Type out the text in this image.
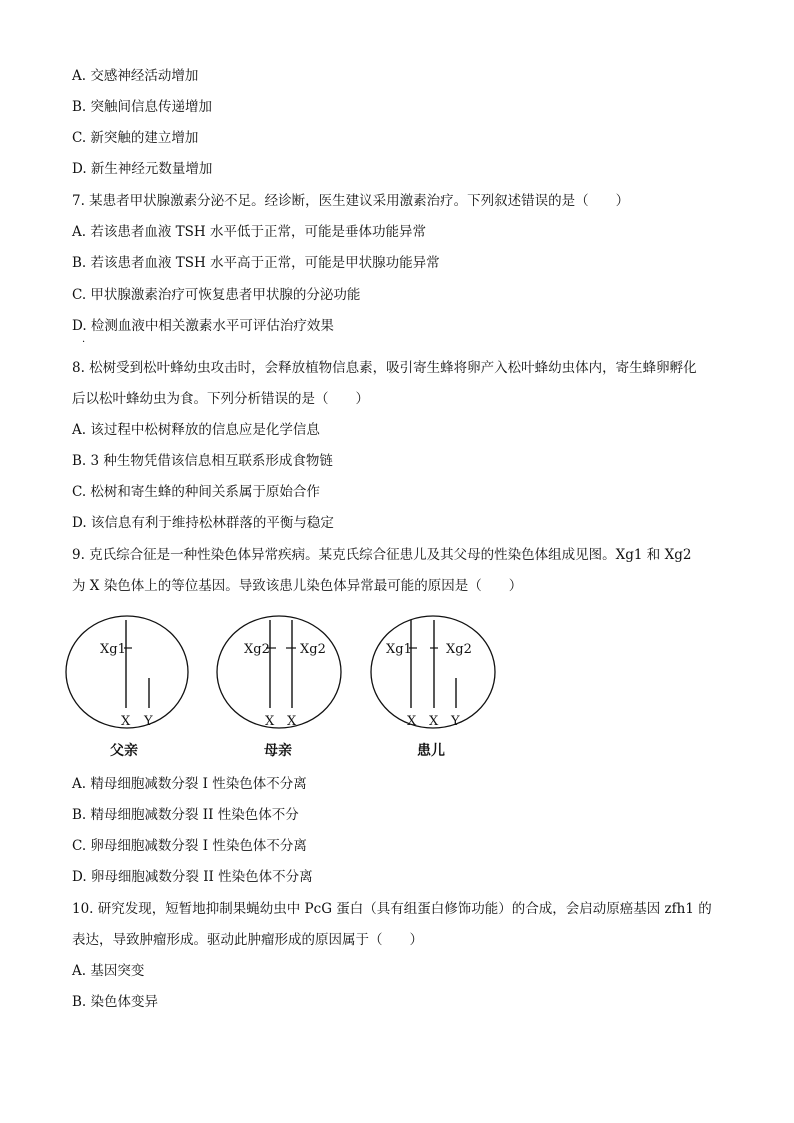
A. 交感神经活动增加
B. 突触间信息传递增加
C. 新突触的建立增加
D. 新生神经元数量增加
7. 某患者甲状腺激素分泌不足。经诊断，医生建议采用激素治疗。下列叙述错误的是（　　）
A. 若该患者血液 TSH 水平低于正常，可能是垂体功能异常
B. 若该患者血液 TSH 水平高于正常，可能是甲状腺功能异常
C. 甲状腺激素治疗可恢复患者甲状腺的分泌功能
D. 检测血液中相关激素水平可评估治疗效果
·
8. 松树受到松叶蜂幼虫攻击时，会释放植物信息素，吸引寄生蜂将卵产入松叶蜂幼虫体内，寄生蜂卵孵化
后以松叶蜂幼虫为食。下列分析错误的是（　　）
A. 该过程中松树释放的信息应是化学信息
B. 3 种生物凭借该信息相互联系形成食物链
C. 松树和寄生蜂的种间关系属于原始合作
D. 该信息有利于维持松林群落的平衡与稳定
9. 克氏综合征是一种性染色体异常疾病。某克氏综合征患儿及其父母的性染色体组成见图。Xg1 和 Xg2
为 X 染色体上的等位基因。导致该患儿染色体异常最可能的原因是（　　）
Xg1
X Y
父亲
Xg2 Xg2
X X
母亲
Xg1	Xg2
X X Y
患儿
A. 精母细胞减数分裂 I 性染色体不分离
B. 精母细胞减数分裂 II 性染色体不分
C. 卵母细胞减数分裂 I 性染色体不分离
D. 卵母细胞减数分裂 II 性染色体不分离
10. 研究发现，短暂地抑制果蝇幼虫中 PcG 蛋白（具有组蛋白修饰功能）的合成，会启动原癌基因 zfh1 的
表达，导致肿瘤形成。驱动此肿瘤形成的原因属于（　　）
A. 基因突变
B. 染色体变异
